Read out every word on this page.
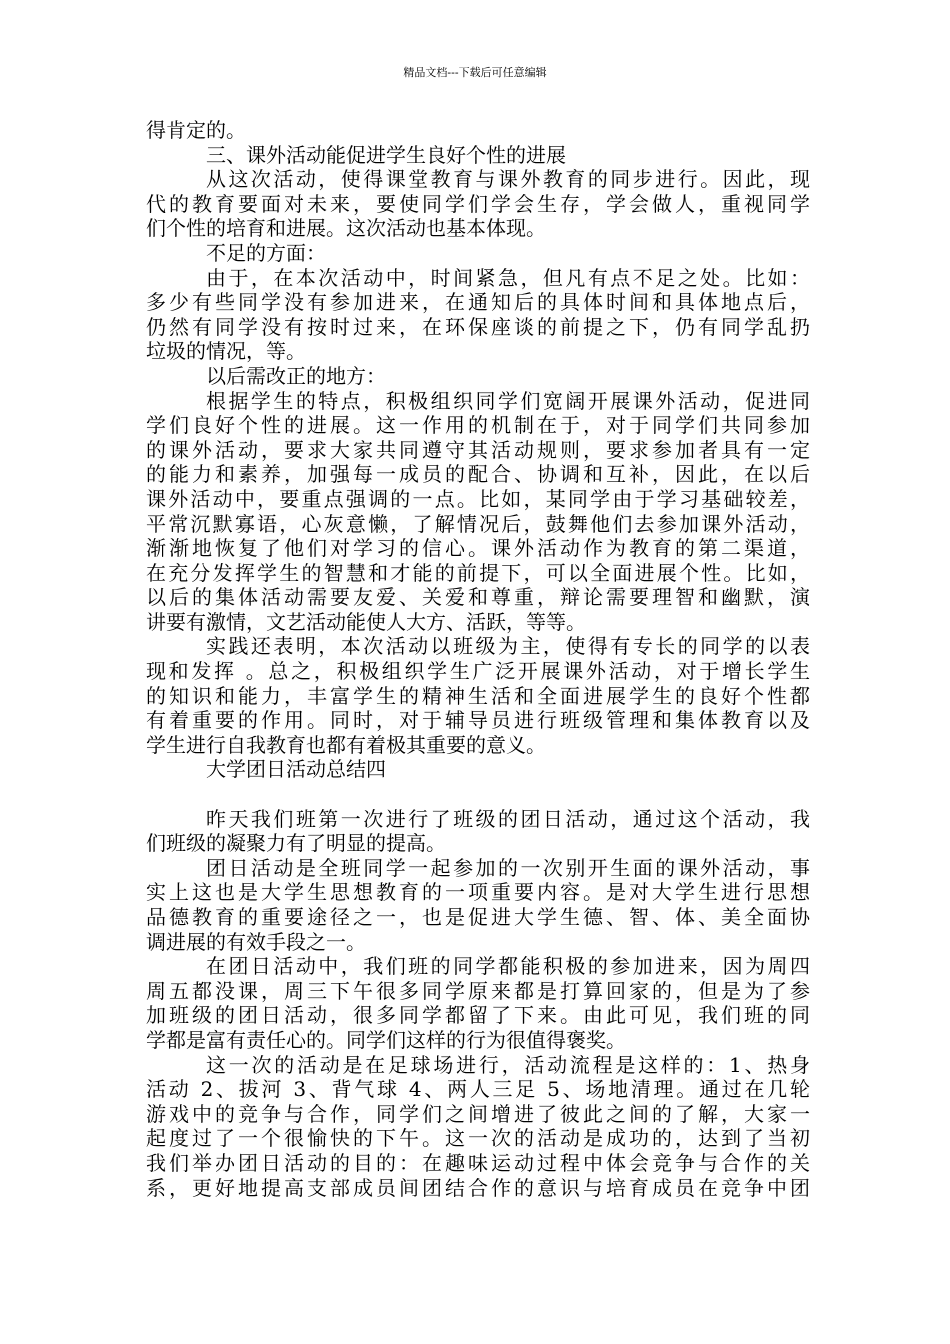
精品文档---下载后可任意编辑
得肯定的。
三、课外活动能促进学生良好个性的进展
从这次活动，使得课堂教育与课外教育的同步进行。因此，现
代的教育要面对未来，要使同学们学会生存，学会做人，重视同学
们个性的培育和进展。这次活动也基本体现。
不足的方面：
由于，在本次活动中，时间紧急，但凡有点不足之处。比如：
多少有些同学没有参加进来，在通知后的具体时间和具体地点后，
仍然有同学没有按时过来，在环保座谈的前提之下，仍有同学乱扔
垃圾的情况，等。
以后需改正的地方：
根据学生的特点，积极组织同学们宽阔开展课外活动，促进同
学们良好个性的进展。这一作用的机制在于，对于同学们共同参加
的课外活动，要求大家共同遵守其活动规则，要求参加者具有一定
的能力和素养，加强每一成员的配合、协调和互补，因此，在以后
课外活动中，要重点强调的一点。比如，某同学由于学习基础较差，
平常沉默寡语，心灰意懒，了解情况后，鼓舞他们去参加课外活动，
渐渐地恢复了他们对学习的信心。课外活动作为教育的第二渠道，
在充分发挥学生的智慧和才能的前提下，可以全面进展个性。比如，
以后的集体活动需要友爱、关爱和尊重，辩论需要理智和幽默，演
讲要有激情，文艺活动能使人大方、活跃，等等。
实践还表明，本次活动以班级为主，使得有专长的同学的以表
现和发挥 。总之，积极组织学生广泛开展课外活动，对于增长学生
的知识和能力，丰富学生的精神生活和全面进展学生的良好个性都
有着重要的作用。同时，对于辅导员进行班级管理和集体教育以及
学生进行自我教育也都有着极其重要的意义。
大学团日活动总结四
昨天我们班第一次进行了班级的团日活动，通过这个活动，我
们班级的凝聚力有了明显的提高。
团日活动是全班同学一起参加的一次别开生面的课外活动，事
实上这也是大学生思想教育的一项重要内容。是对大学生进行思想
品德教育的重要途径之一，也是促进大学生德、智、体、美全面协
调进展的有效手段之一。
在团日活动中，我们班的同学都能积极的参加进来，因为周四
周五都没课，周三下午很多同学原来都是打算回家的，但是为了参
加班级的团日活动，很多同学都留了下来。由此可见，我们班的同
学都是富有责任心的。同学们这样的行为很值得褒奖。
这一次的活动是在足球场进行，活动流程是这样的：1、热身
活动 2、拔河 3、背气球 4、两人三足 5、场地清理。通过在几轮
游戏中的竞争与合作，同学们之间增进了彼此之间的了解，大家一
起度过了一个很愉快的下午。这一次的活动是成功的，达到了当初
我们举办团日活动的目的：在趣味运动过程中体会竞争与合作的关
系，更好地提高支部成员间团结合作的意识与培育成员在竞争中团
